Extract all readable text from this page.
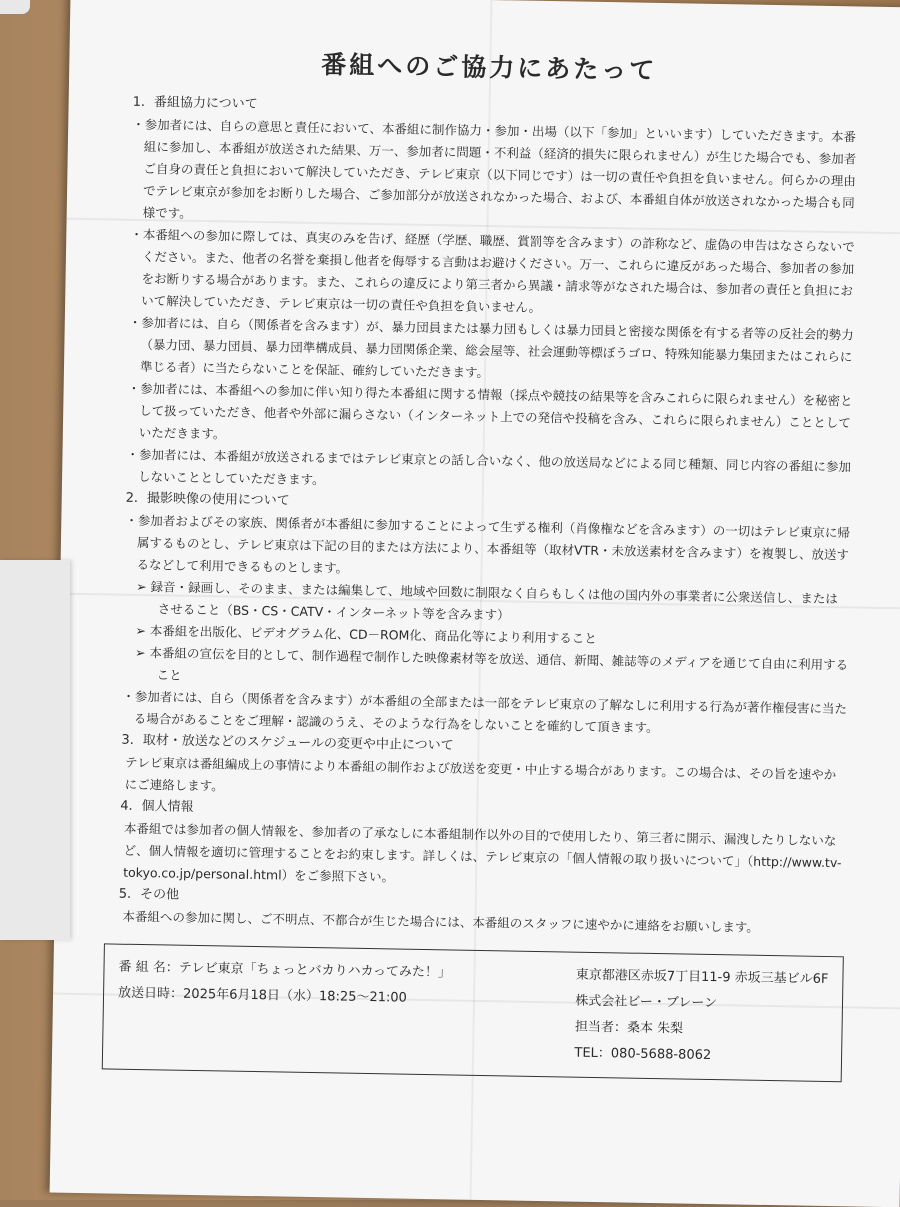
番組へのご協力にあたって

1．番組協力について

・ 参加者には、自らの意思と責任において、本番組に制作協力・参加・出場（以下「参加」といいます）していただきます。本番組に参加し、本番組が放送された結果、万一、参加者に問題・不利益（経済的損失に限られません）が生じた場合でも、参加者ご自身の責任と負担において解決していただき、テレビ東京（以下同じです）は一切の責任や負担を負いません。何らかの理由でテレビ東京が参加をお断りした場合、ご参加部分が放送されなかった場合、および、本番組自体が放送されなかった場合も同様です。

・ 本番組への参加に際しては、真実のみを告げ、経歴（学歴、職歴、賞罰等を含みます）の詐称など、虚偽の申告はなさらないでください。また、他者の名誉を棄損し他者を侮辱する言動はお避けください。万一、これらに違反があった場合、参加者の参加をお断りする場合があります。また、これらの違反により第三者から異議・請求等がなされた場合は、参加者の責任と負担において解決していただき、テレビ東京は一切の責任や負担を負いません。

・ 参加者には、自ら（関係者を含みます）が、暴力団員または暴力団もしくは暴力団員と密接な関係を有する者等の反社会的勢力（暴力団、暴力団員、暴力団準構成員、暴力団関係企業、総会屋等、社会運動等標ぼうゴロ、特殊知能暴力集団またはこれらに準じる者）に当たらないことを保証、確約していただきます。

・ 参加者には、本番組への参加に伴い知り得た本番組に関する情報（採点や競技の結果等を含みこれらに限られません）を秘密として扱っていただき、他者や外部に漏らさない（インターネット上での発信や投稿を含み、これらに限られません）こととしていただきます。

・ 参加者には、本番組が放送されるまではテレビ東京との話し合いなく、他の放送局などによる同じ種類、同じ内容の番組に参加しないこととしていただきます。

2．撮影映像の使用について

・ 参加者およびその家族、関係者が本番組に参加することによって生ずる権利（肖像権などを含みます）の一切はテレビ東京に帰属するものとし、テレビ東京は下記の目的または方法により、本番組等（取材VTR・未放送素材を含みます）を複製し、放送するなどして利用できるものとします。

➢ 録音・録画し、そのまま、または編集して、地域や回数に制限なく自らもしくは他の国内外の事業者に公衆送信し、またはさせること（BS・CS・CATV・インターネット等を含みます）

➢ 本番組を出版化、ビデオグラム化、CD－ROM化、商品化等により利用すること

➢ 本番組の宣伝を目的として、制作過程で制作した映像素材等を放送、通信、新聞、雑誌等のメディアを通じて自由に利用すること

・ 参加者には、自ら（関係者を含みます）が本番組の全部または一部をテレビ東京の了解なしに利用する行為が著作権侵害に当たる場合があることをご理解・認識のうえ、そのような行為をしないことを確約して頂きます。

3．取材・放送などのスケジュールの変更や中止について

テレビ東京は番組編成上の事情により本番組の制作および放送を変更・中止する場合があります。この場合は、その旨を速やかにご連絡します。

4．個人情報

本番組では参加者の個人情報を、参加者の了承なしに本番組制作以外の目的で使用したり、第三者に開示、漏洩したりしないなど、個人情報を適切に管理することをお約束します。詳しくは、テレビ東京の「個人情報の取り扱いについて」（http://www.tv-tokyo.co.jp/personal.html）をご参照下さい。

5．その他

本番組への参加に関し、ご不明点、不都合が生じた場合には、本番組のスタッフに速やかに連絡をお願いします。

番 組 名：テレビ東京「ちょっとバカりハカってみた！」

放送日時：2025年6月18日（水）18:25～21:00

東京都港区赤坂7丁目11-9 赤坂三基ビル6F

株式会社ビー・ブレーン

担当者：桑本 朱梨

TEL：080-5688-8062
